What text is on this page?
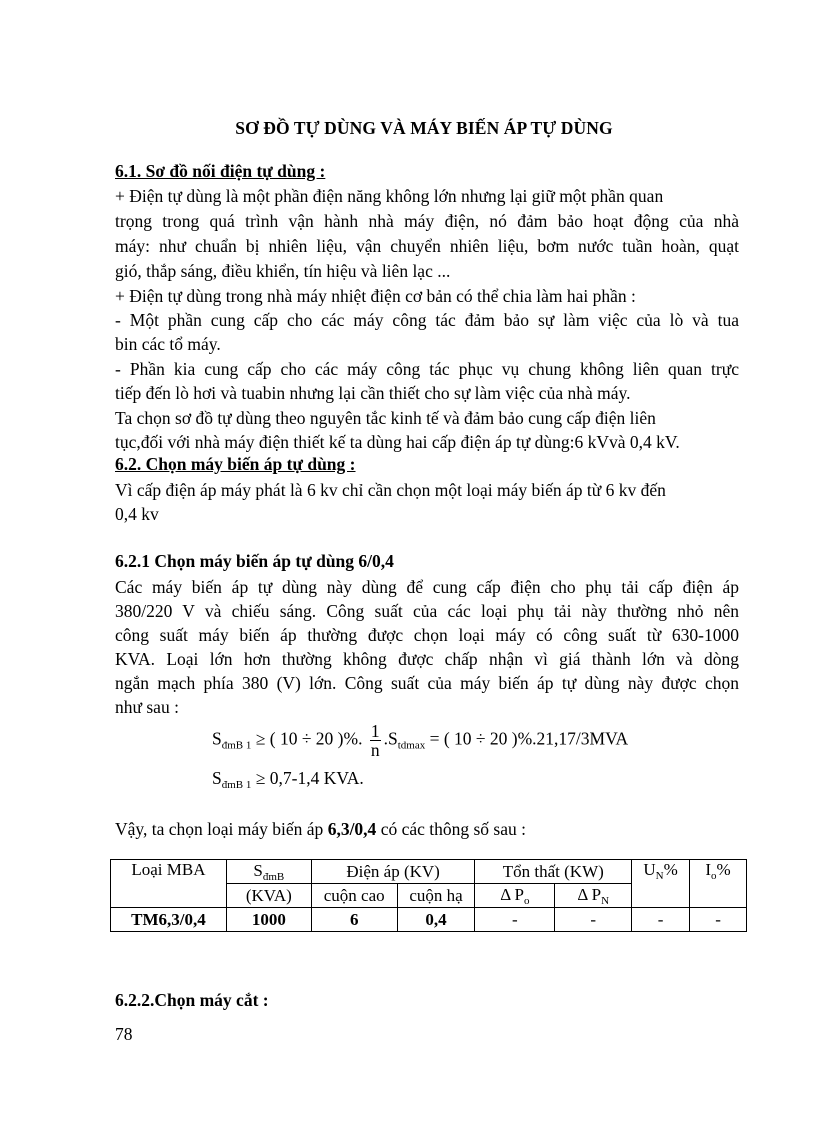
SƠ ĐỒ TỰ DÙNG VÀ MÁY BIẾN ÁP TỰ DÙNG
6.1. Sơ đồ nối điện tự dùng :
+ Điện tự dùng là một phần điện năng không lớn nhưng lại giữ một phần quan
trọng trong quá trình vận hành nhà máy điện, nó đảm bảo hoạt động của nhà
máy: như chuẩn bị nhiên liệu, vận chuyển nhiên liệu, bơm nước tuần hoàn, quạt
gió, thắp sáng, điều khiển, tín hiệu và liên lạc ...
+ Điện tự dùng trong nhà máy nhiệt điện cơ bản có thể chia làm hai phần :
- Một phần cung cấp cho các máy công tác đảm bảo sự làm việc của lò và tua
bin các tổ máy.
- Phần kia cung cấp cho các máy công tác phục vụ chung không liên quan trực
tiếp đến lò hơi và tuabin nhưng lại cần thiết cho sự làm việc của nhà máy.
Ta chọn sơ đồ tự dùng theo nguyên tắc kinh tế và đảm bảo cung cấp điện liên
tục,đối với nhà máy điện thiết kế ta dùng hai cấp điện áp tự dùng:6 kVvà 0,4 kV.
6.2. Chọn máy biến áp tự dùng :
Vì cấp điện áp máy phát là 6 kv chỉ cần chọn một loại máy biến áp từ 6 kv đến
0,4 kv
6.2.1 Chọn máy biến áp tự dùng 6/0,4
Các máy biến áp tự dùng này dùng để cung cấp điện cho phụ tải cấp điện áp
380/220 V và chiếu sáng. Công suất của các loại phụ tải này thường nhỏ nên
công suất máy biến áp thường được chọn loại máy có công suất từ 630-1000
KVA. Loại lớn hơn thường không được chấp nhận vì giá thành lớn và dòng
ngắn mạch phía 380 (V) lớn. Công suất của máy biến áp tự dùng này được chọn
như sau :
$S_{đmB 1}$ ≥ ( 10 ÷ 20 )%. $\frac{1}{n} .S_{tdmax}$ = ( 10 ÷ 20 )%.21,17/3MVA
$S_{đmB 1} \ge 0,7-1,4$ KVA.
Vậy, ta chọn loại máy biến áp 6,3/0,4 có các thông số sau :
Loại MBA	$S_{đmB}$	Điện áp (KV)		Tổn thất (KW)		$U_N\%$	$I_o\%$
	(KVA)	cuộn cao	cuộn hạ	Δ $P_o$	Δ $P_N$
TM6,3/0,4	1000	6	0,4	-	-	-	-
6.2.2.Chọn máy cắt :
78
